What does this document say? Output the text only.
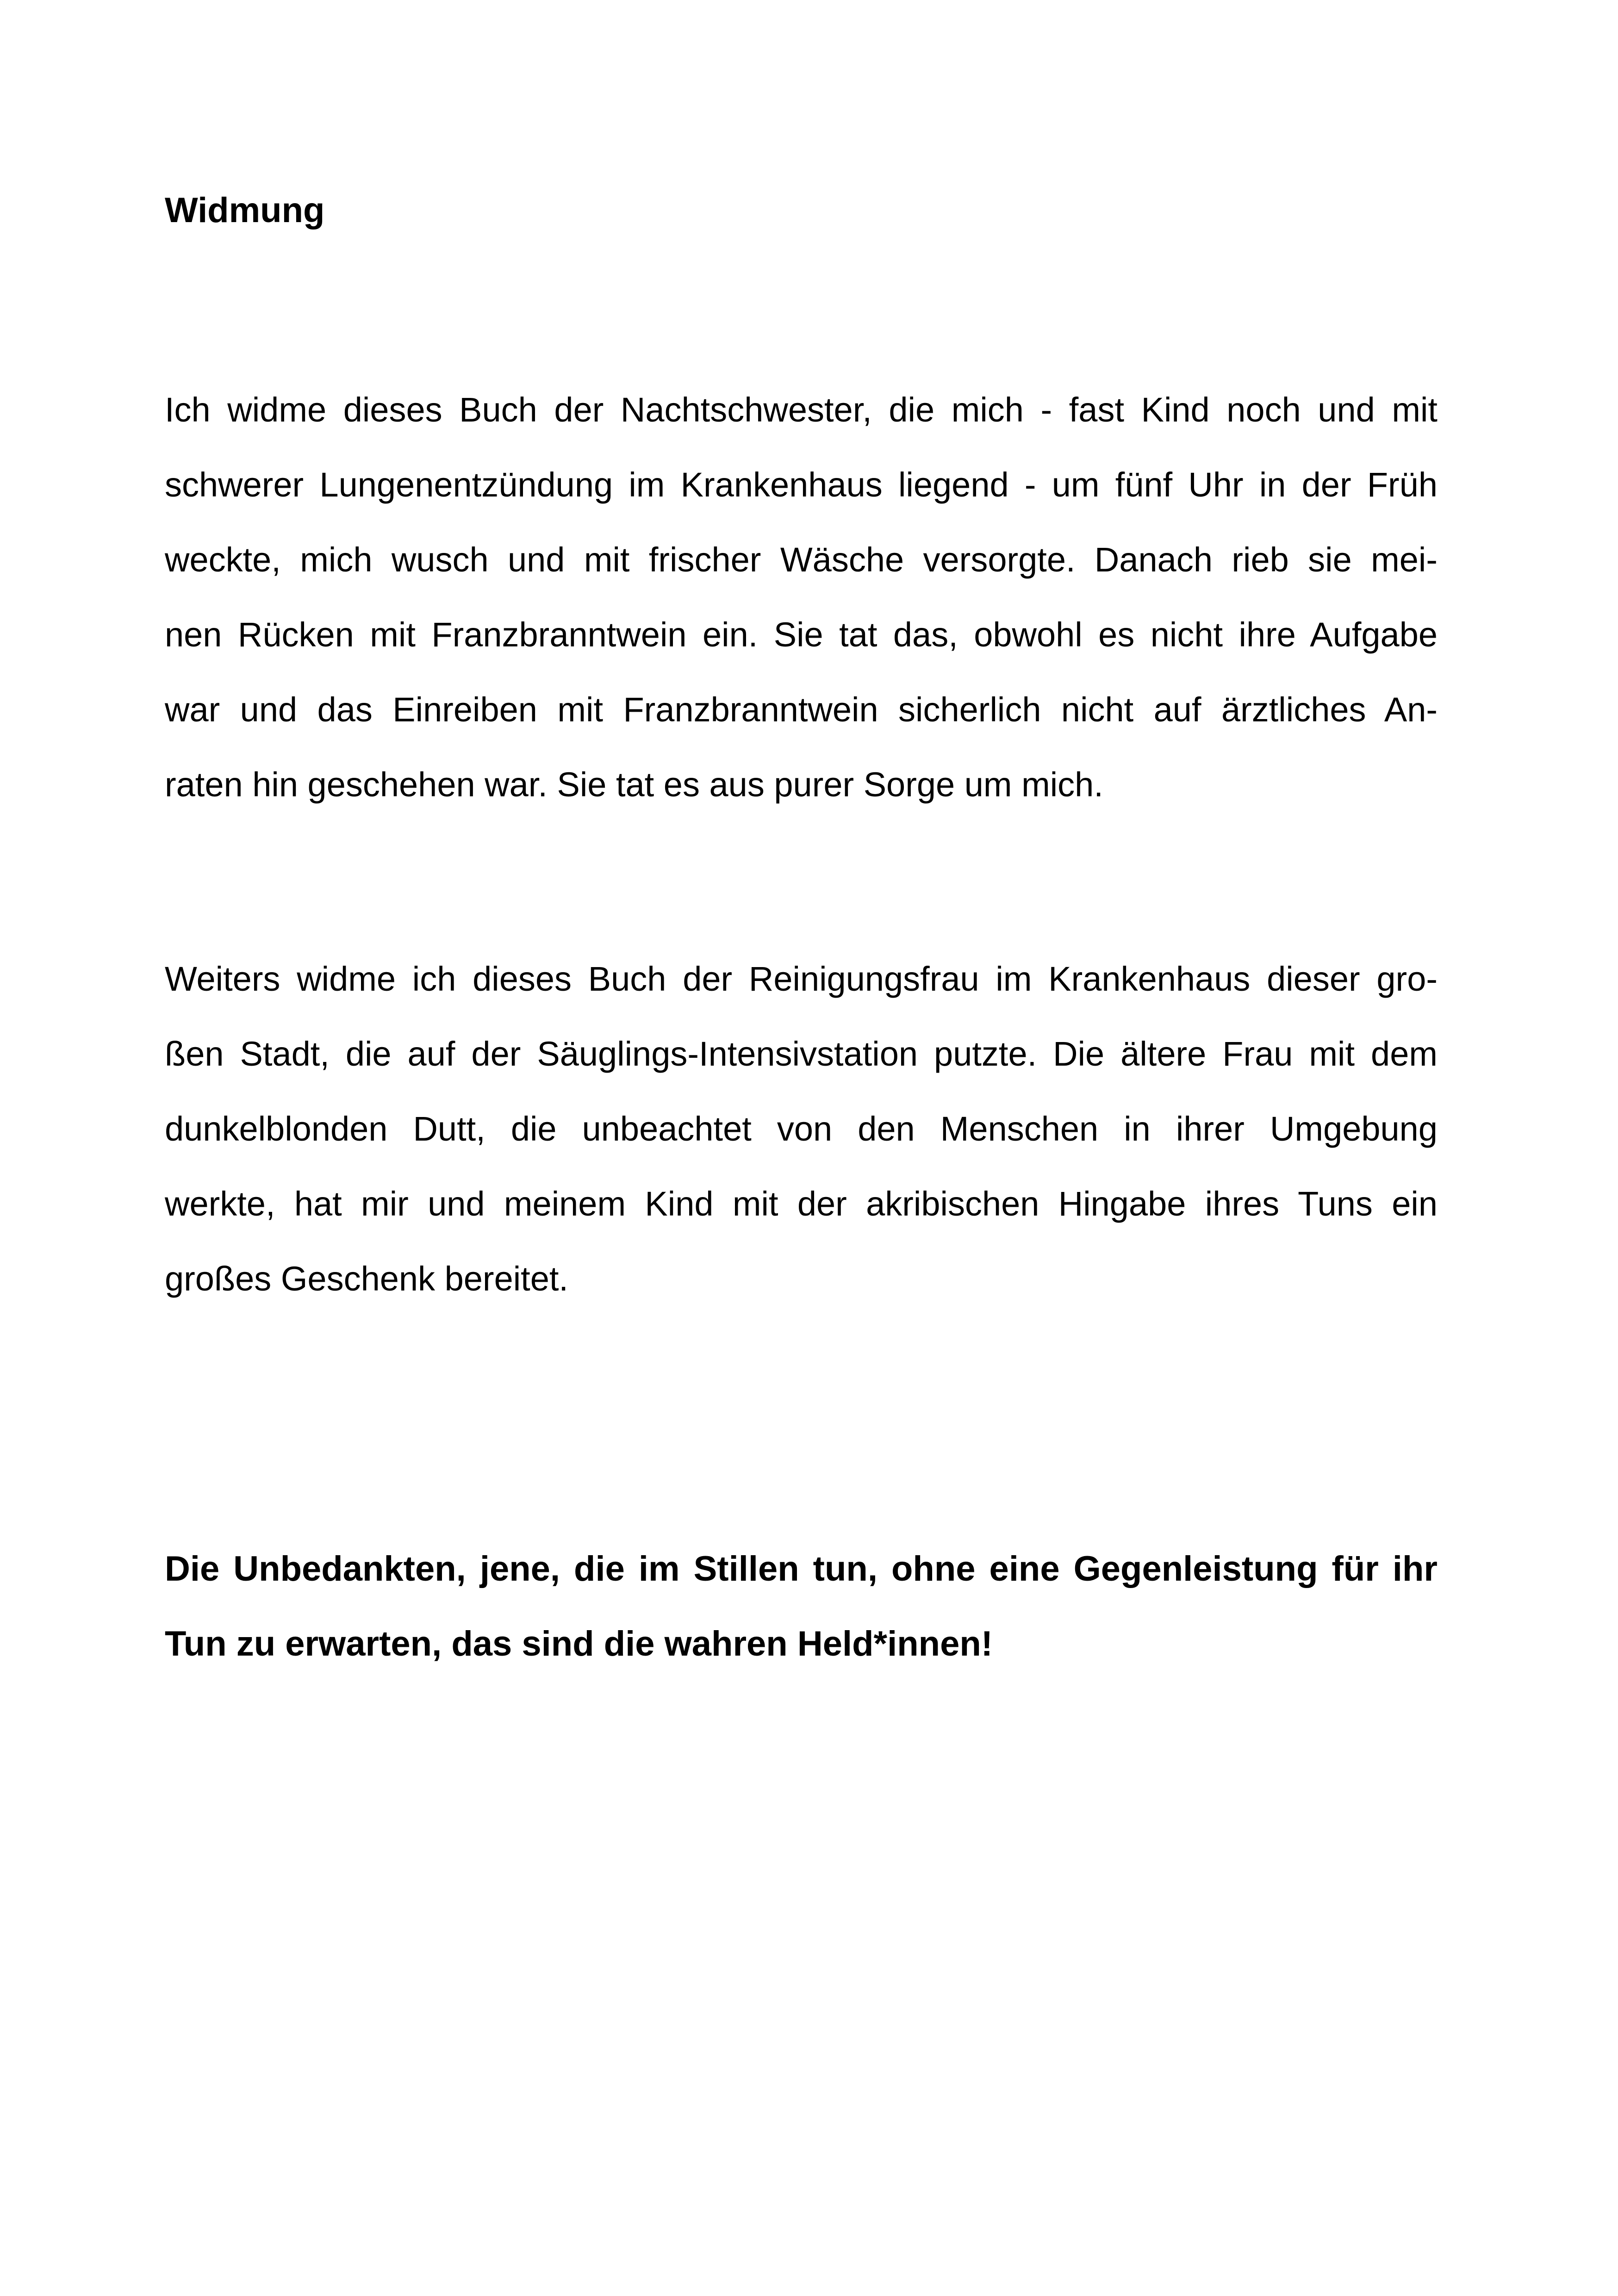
Widmung

Ich widme dieses Buch der Nachtschwester, die mich - fast Kind noch und mit
schwerer Lungenentzündung im Krankenhaus liegend - um fünf Uhr in der Früh
weckte, mich wusch und mit frischer Wäsche versorgte. Danach rieb sie mei-
nen Rücken mit Franzbranntwein ein. Sie tat das, obwohl es nicht ihre Aufgabe
war und das Einreiben mit Franzbranntwein sicherlich nicht auf ärztliches An-
raten hin geschehen war. Sie tat es aus purer Sorge um mich.

Weiters widme ich dieses Buch der Reinigungsfrau im Krankenhaus dieser gro-
ßen Stadt, die auf der Säuglings-Intensivstation putzte. Die ältere Frau mit dem
dunkelblonden Dutt, die unbeachtet von den Menschen in ihrer Umgebung
werkte, hat mir und meinem Kind mit der akribischen Hingabe ihres Tuns ein
großes Geschenk bereitet.

Die Unbedankten, jene, die im Stillen tun, ohne eine Gegenleistung für ihr
Tun zu erwarten, das sind die wahren Held*innen!
